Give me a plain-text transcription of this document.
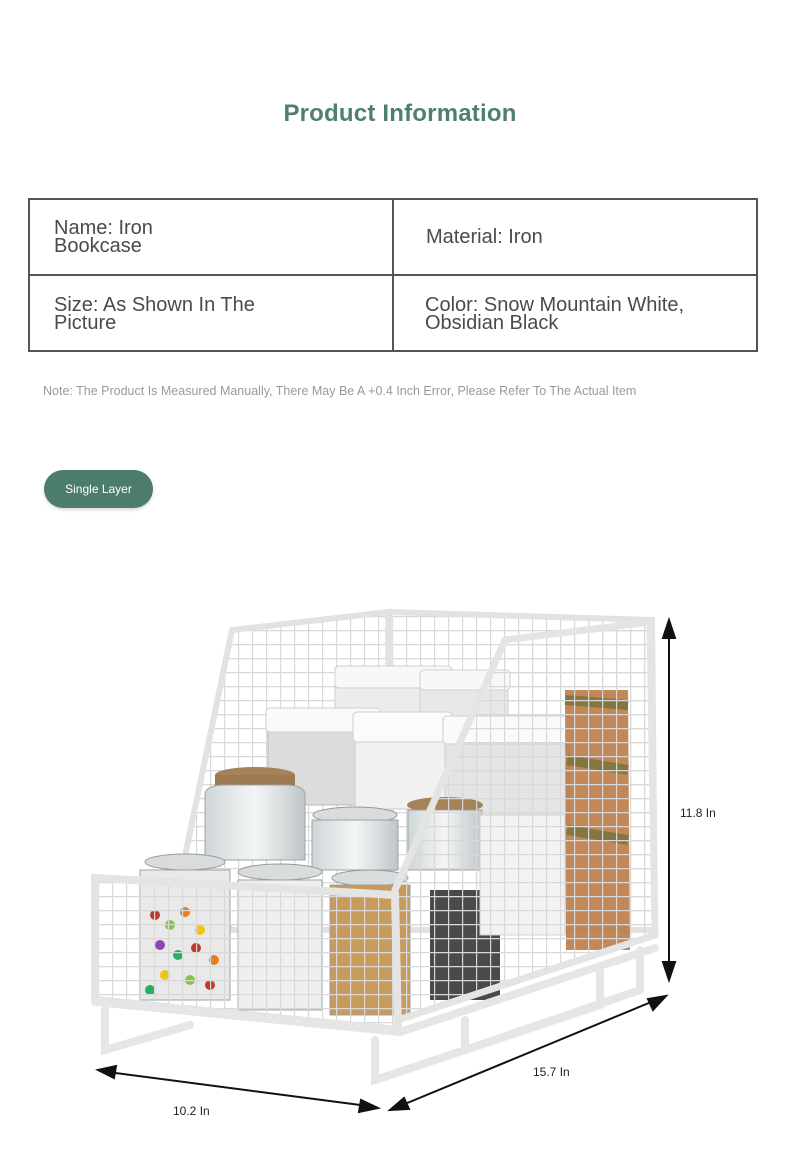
Product Information
Name: Iron
Bookcase	Material: Iron
Size: As Shown In The
Picture
Color: Snow Mountain White,
Obsidian Black
Note: The Product Is Measured Manually, There May Be A +0.4 Inch Error, Please Refer To The Actual Item
Single Layer
11.8 In
15.7 In
10.2 In
